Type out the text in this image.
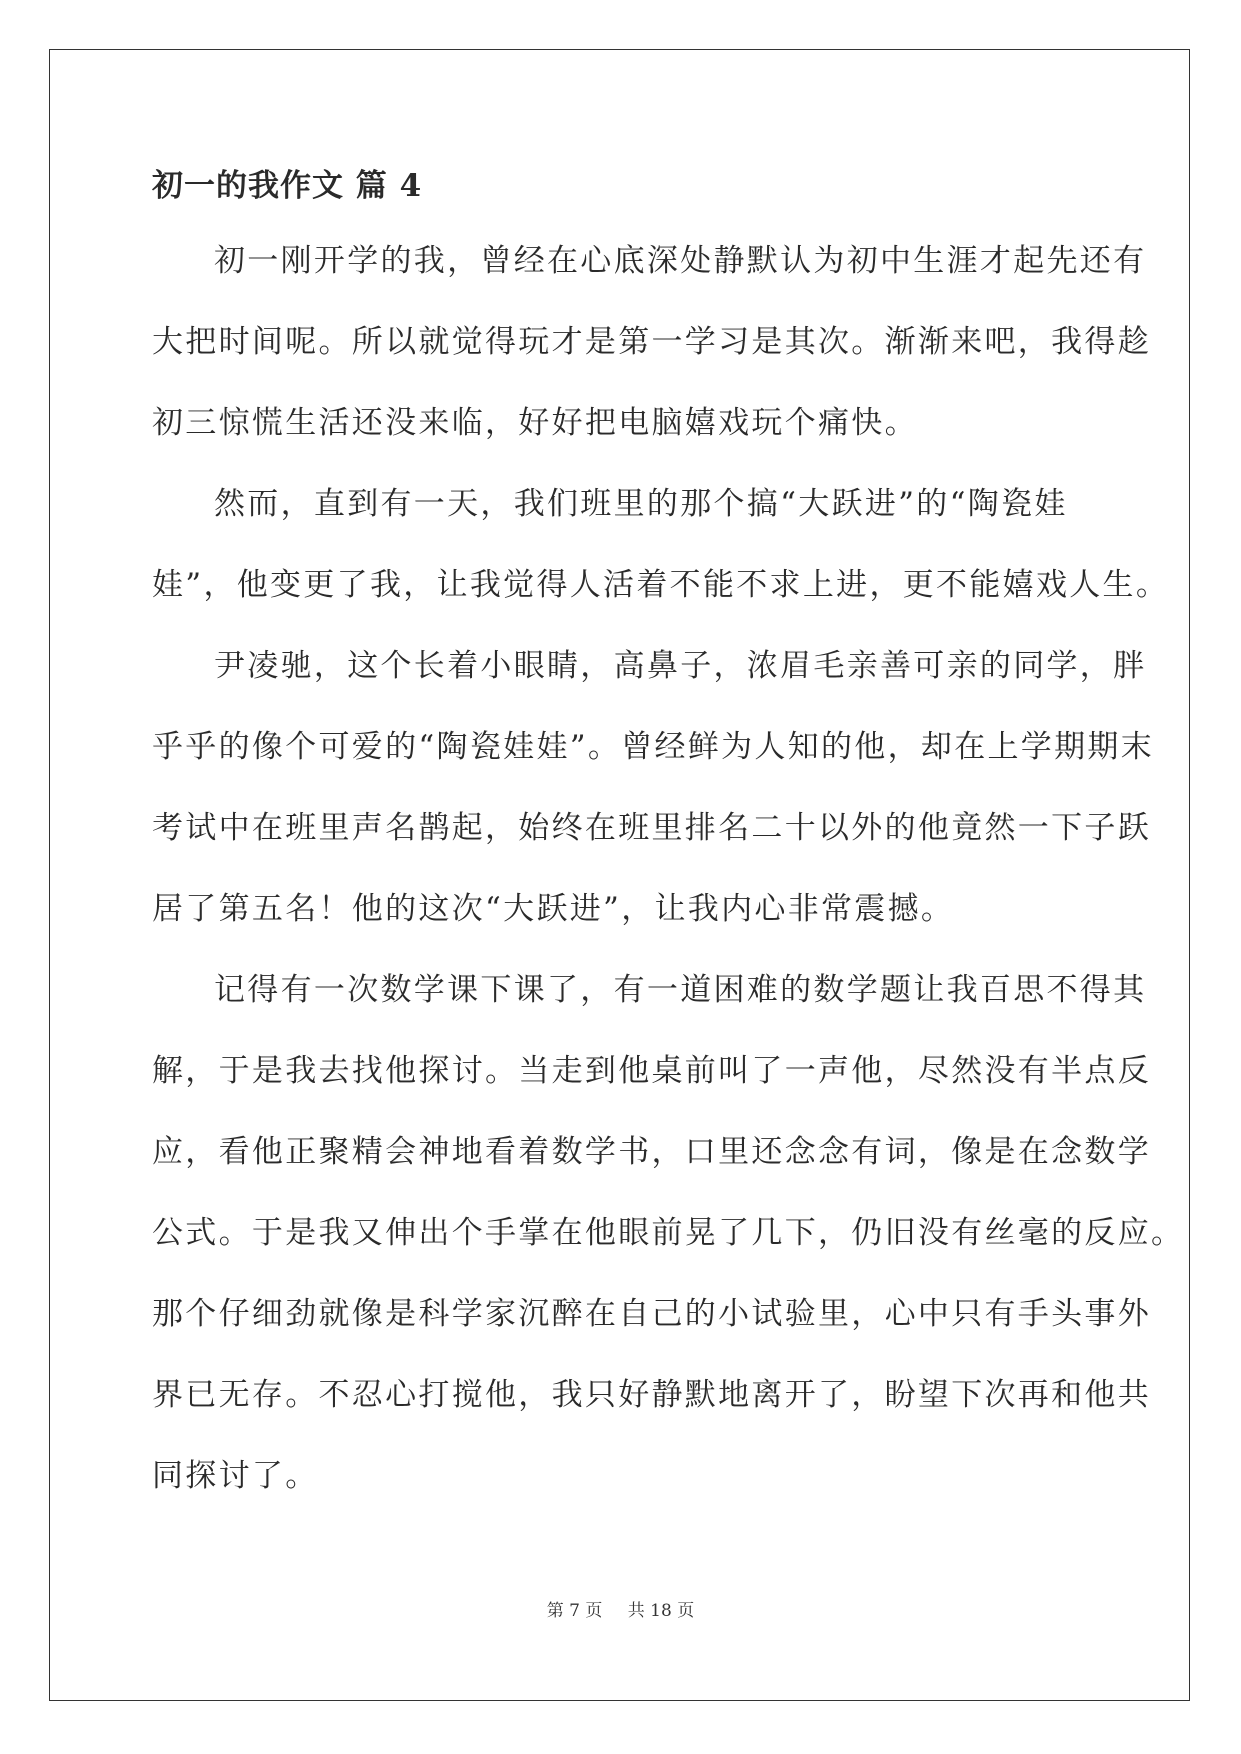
初一的我作文 篇 4
初一刚开学的我，曾经在心底深处静默认为初中生涯才起先还有
大把时间呢。所以就觉得玩才是第一学习是其次。渐渐来吧，我得趁
初三惊慌生活还没来临，好好把电脑嬉戏玩个痛快。
然而，直到有一天，我们班里的那个搞“大跃进”的“陶瓷娃
娃”，他变更了我，让我觉得人活着不能不求上进，更不能嬉戏人生。
尹凌驰，这个长着小眼睛，高鼻子，浓眉毛亲善可亲的同学，胖
乎乎的像个可爱的“陶瓷娃娃”。曾经鲜为人知的他，却在上学期期末
考试中在班里声名鹊起，始终在班里排名二十以外的他竟然一下子跃
居了第五名！他的这次“大跃进”，让我内心非常震撼。
记得有一次数学课下课了，有一道困难的数学题让我百思不得其
解，于是我去找他探讨。当走到他桌前叫了一声他，尽然没有半点反
应，看他正聚精会神地看着数学书，口里还念念有词，像是在念数学
公式。于是我又伸出个手掌在他眼前晃了几下，仍旧没有丝毫的反应。
那个仔细劲就像是科学家沉醉在自己的小试验里，心中只有手头事外
界已无存。不忍心打搅他，我只好静默地离开了，盼望下次再和他共
同探讨了。
第 7 页 共 18 页
